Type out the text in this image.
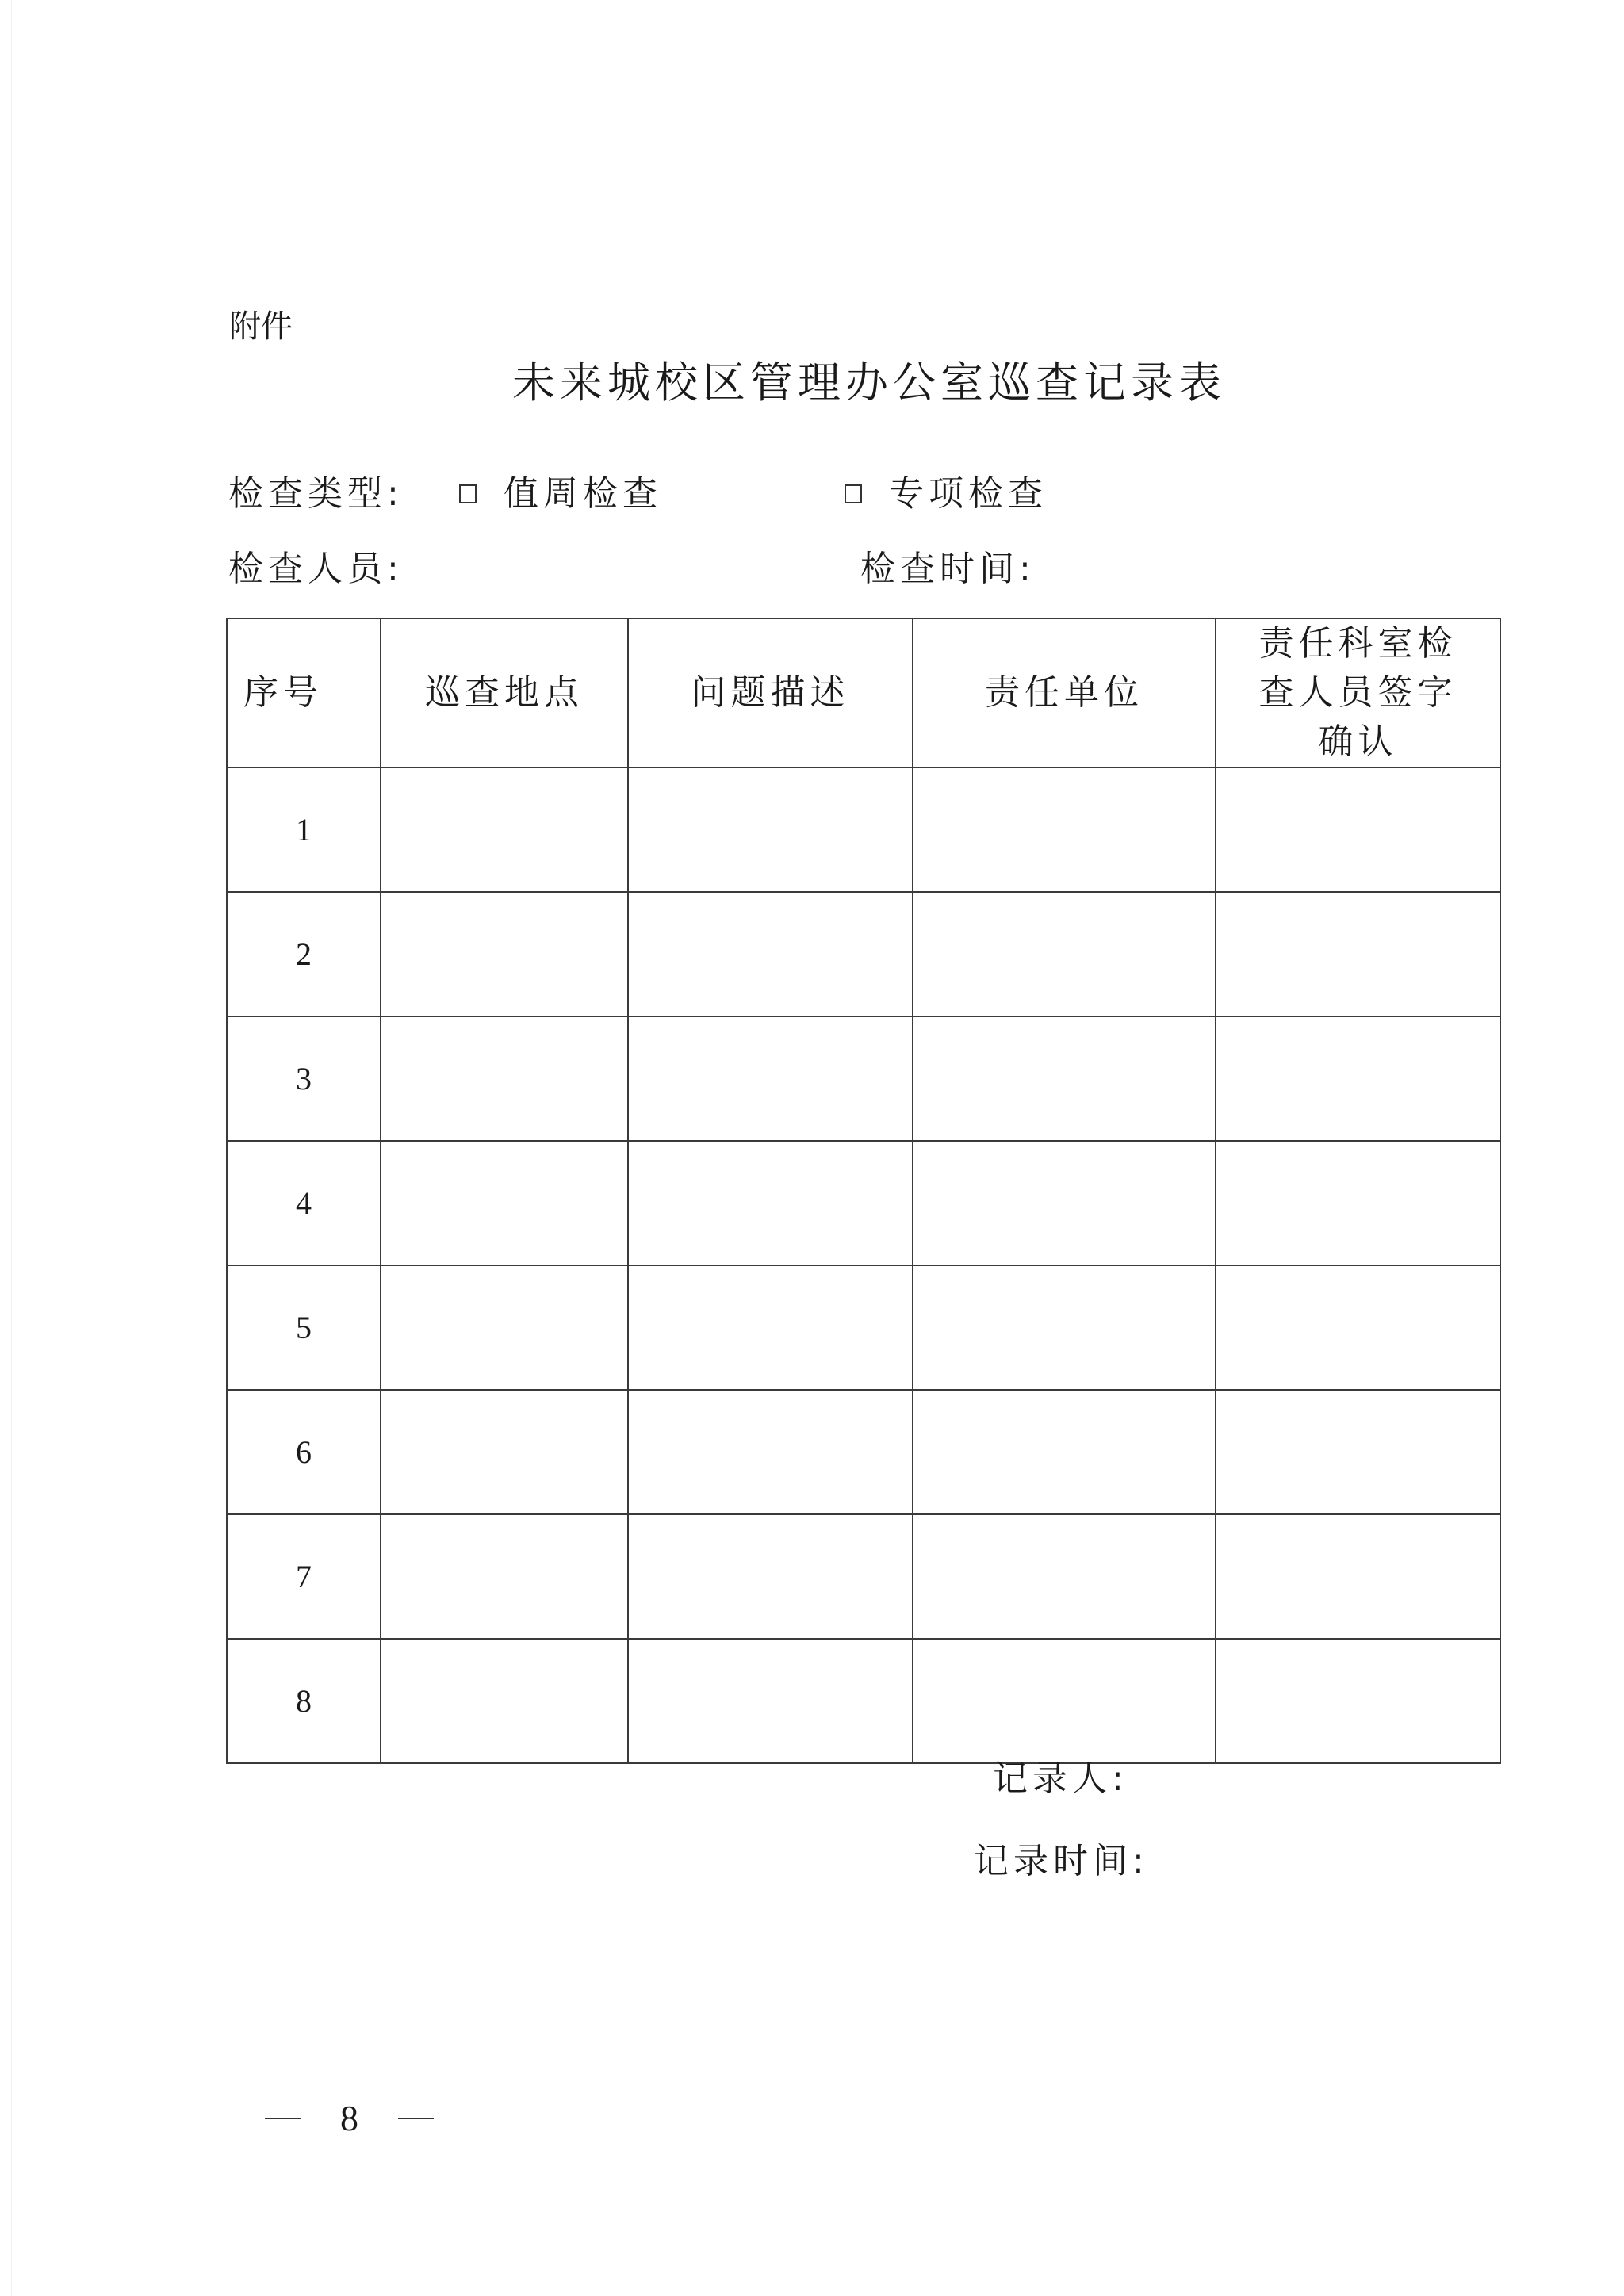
附件
未来城校区管理办公室巡查记录表
检查类型:	值周检查	专项检查
检查人员:	检查时间:
序号	巡查地点	问题描述	责任单位	责任科室检查人员签字确认

1				
2				
3				
4				
5				
6				
7				
8				
记录人:
记录时间:
8
